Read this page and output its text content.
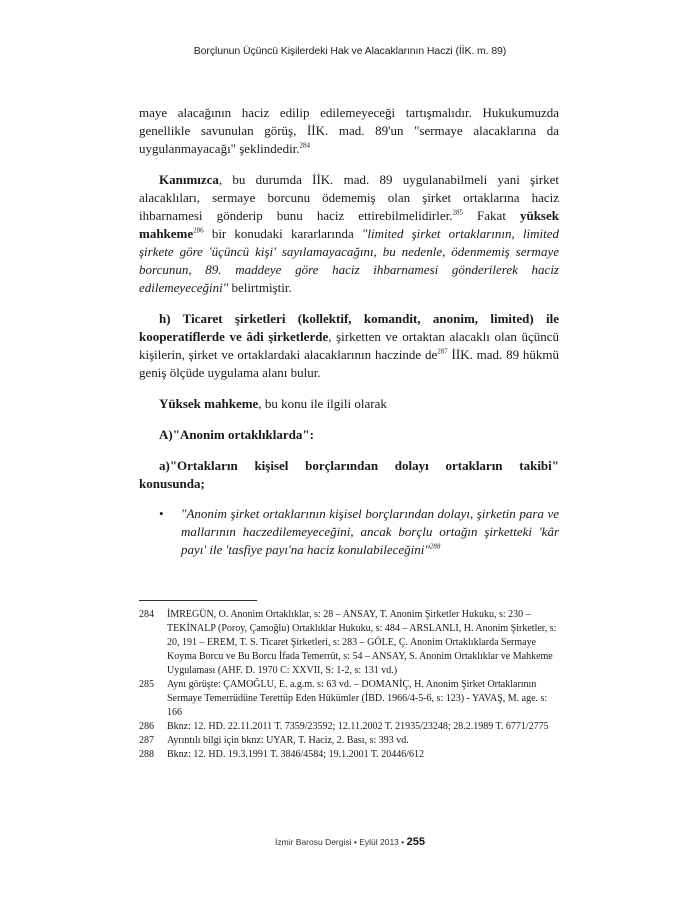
Borçlunun Üçüncü Kişilerdeki Hak ve Alacaklarının Haczi (İİK. m. 89)

maye alacağının haciz edilip edilemeyeceği tartışmalıdır. Hukukumuzda genellikle savunulan görüş, İİK. mad. 89'un "sermaye alacaklarına da uygulanmayacağı" şeklindedir.$^{284}$

Kanımızca, bu durumda İİK. mad. 89 uygulanabilmeli yani şirket alacaklıları, sermaye borcunu ödememiş olan şirket ortaklarına haciz ihbarnamesi gönderip bunu haciz ettirebilmelidirler.$^{285}$ Fakat yüksek mahkeme$^{286}$ bir konudaki kararlarında "limited şirket ortaklarının, limited şirkete göre 'üçüncü kişi' sayılamayacağını, bu nedenle, ödenmemiş sermaye borcunun, 89. maddeye göre haciz ihbarnamesi gönderilerek haciz edilemeyeceğini" belirtmiştir.

h) Ticaret şirketleri (kollektif, komandit, anonim, limited) ile kooperatiflerde ve âdi şirketlerde, şirketten ve ortaktan alacaklı olan üçüncü kişilerin, şirket ve ortaklardaki alacaklarının haczinde $de^{287}$ İİK. mad. 89 hükmü geniş ölçüde uygulama alanı bulur.

Yüksek mahkeme, bu konu ile ilgili olarak

A)"Anonim ortaklıklarda":

a)"Ortakların kişisel borçlarından dolayı ortakların takibi" konusunda;

• "Anonim şirket ortaklarının kişisel borçlarından dolayı, şirketin para ve mallarının haczedilemeyeceğini, ancak borçlu ortağın şirketteki 'kâr payı' ile 'tasfiye payı'na haciz konulabileceğini"$^{288}$
284 İMREGÜN, O. Anonim Ortaklıklar, s: 28 – ANSAY, T. Anonim Şirketler Hukuku, s: 230 – TEKİNALP (Poroy, Çamoğlu) Ortaklıklar Hukuku, s: 484 – ARSLANLI, H. Anonim Şirketler, s: 20, 191 – EREM, T. S. Ticaret Şirketleri, s: 283 – GÖLE, Ç. Anonim Ortaklıklarda Sermaye Koyma Borcu ve Bu Borcu İfada Temerrüt, s: 54 – ANSAY, S. Anonim Ortaklıklar ve Mahkeme Uygulaması (AHF. D. 1970 C: XXVII, S: 1-2, s: 131 vd.)
285 Aynı görüşte: ÇAMOĞLU, E. a.g.m. s: 63 vd. – DOMANİÇ, H. Anonim Şirket Ortaklarının Sermaye Temerrüdüne Terettüp Eden Hükümler (İBD. 1966/4-5-6, s: 123) - YAVAŞ, M. age. s: 166
286 Bknz: 12. HD. 22.11.2011 T. 7359/23592; 12.11.2002 T. 21935/23248; 28.2.1989 T. 6771/2775
287 Ayrıntılı bilgi için bknz: UYAR, T. Haciz, 2. Bası, s: 393 vd.
288 Bknz: 12. HD. 19.3.1991 T. 3846/4584; 19.1.2001 T. 20446/612
İzmir Barosu Dergisi • Eylül 2013 • 255
